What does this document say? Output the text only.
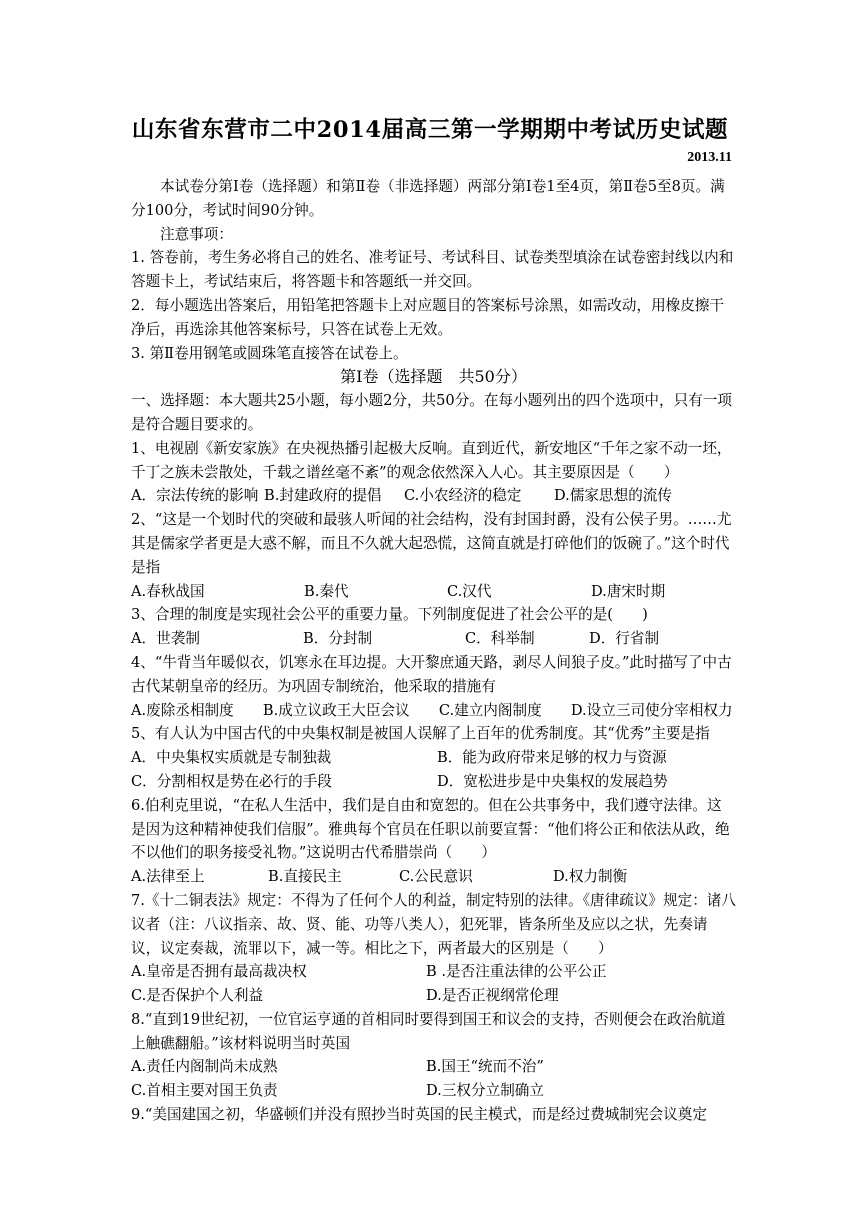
山东省东营市二中2014届高三第一学期期中考试历史试题
2013.11

本试卷分第Ⅰ卷（选择题）和第Ⅱ卷（非选择题）两部分第Ⅰ卷1至4页，第Ⅱ卷5至8页。满分100分，考试时间90分钟。

注意事项：

1. 答卷前，考生务必将自己的姓名、准考证号、考试科目、试卷类型填涂在试卷密封线以内和答题卡上，考试结束后，将答题卡和答题纸一并交回。

2．每小题选出答案后，用铅笔把答题卡上对应题目的答案标号涂黑，如需改动，用橡皮擦干净后，再选涂其他答案标号，只答在试卷上无效。

3. 第Ⅱ卷用钢笔或圆珠笔直接答在试卷上。

第Ⅰ卷（选择题　共50分）

一、选择题：本大题共25小题，每小题2分，共50分。在每小题列出的四个选项中，只有一项是符合题目要求的。

1、电视剧《新安家族》在央视热播引起极大反响。直到近代，新安地区“千年之家不动一坯，千丁之族未尝散处，千载之谱丝毫不紊”的观念依然深入人心。其主要原因是（　　）

A．宗法传统的影响 B.封建政府的提倡	C.小农经济的稳定	D.儒家思想的流传

2、“这是一个划时代的突破和最骇人听闻的社会结构，没有封国封爵，没有公侯子男。……尤其是儒家学者更是大惑不解，而且不久就大起恐慌，这简直就是打碎他们的饭碗了。”这个时代是指

A.春秋战国	B.秦代	C.汉代	D.唐宋时期

3、合理的制度是实现社会公平的重要力量。下列制度促进了社会公平的是(　　)

A．世袭制	B．分封制	C．科举制	D．行省制

4、“牛背当年暖似衣，饥寒永在耳边提。大开黎庶通天路，剥尽人间狼子皮。”此时描写了中古古代某朝皇帝的经历。为巩固专制统治，他采取的措施有

A.废除丞相制度　　B.成立议政王大臣会议　　C.建立内阁制度　　D.设立三司使分宰相权力

5、有人认为中国古代的中央集权制是被国人误解了上百年的优秀制度。其“优秀”主要是指

A．中央集权实质就是专制独裁	B．能为政府带来足够的权力与资源
C．分割相权是势在必行的手段	D．宽松进步是中央集权的发展趋势

6.伯利克里说，“在私人生活中，我们是自由和宽恕的。但在公共事务中，我们遵守法律。这是因为这种精神使我们信服”。雅典每个官员在任职以前要宣誓：“他们将公正和依法从政，绝不以他们的职务接受礼物。”这说明古代希腊崇尚（　　）

A.法律至上	B.直接民主	C.公民意识	D.权力制衡

7.《十二铜表法》规定：不得为了任何个人的利益，制定特别的法律。《唐律疏议》规定：诸八议者（注：八议指亲、故、贤、能、功等八类人），犯死罪，皆条所坐及应以之状，先奏请议，议定奏裁，流罪以下，减一等。相比之下，两者最大的区别是（　　）

A.皇帝是否拥有最高裁决权	B .是否注重法律的公平公正
C.是否保护个人利益	D.是否正视纲常伦理

8.“直到19世纪初，一位官运亨通的首相同时要得到国王和议会的支持，否则便会在政治航道上触礁翻船。”该材料说明当时英国

A.责任内阁制尚未成熟	B.国王“统而不治”
C.首相主要对国王负责	D.三权分立制确立

9.“美国建国之初，华盛顿们并没有照抄当时英国的民主模式，而是经过费城制宪会议奠定
